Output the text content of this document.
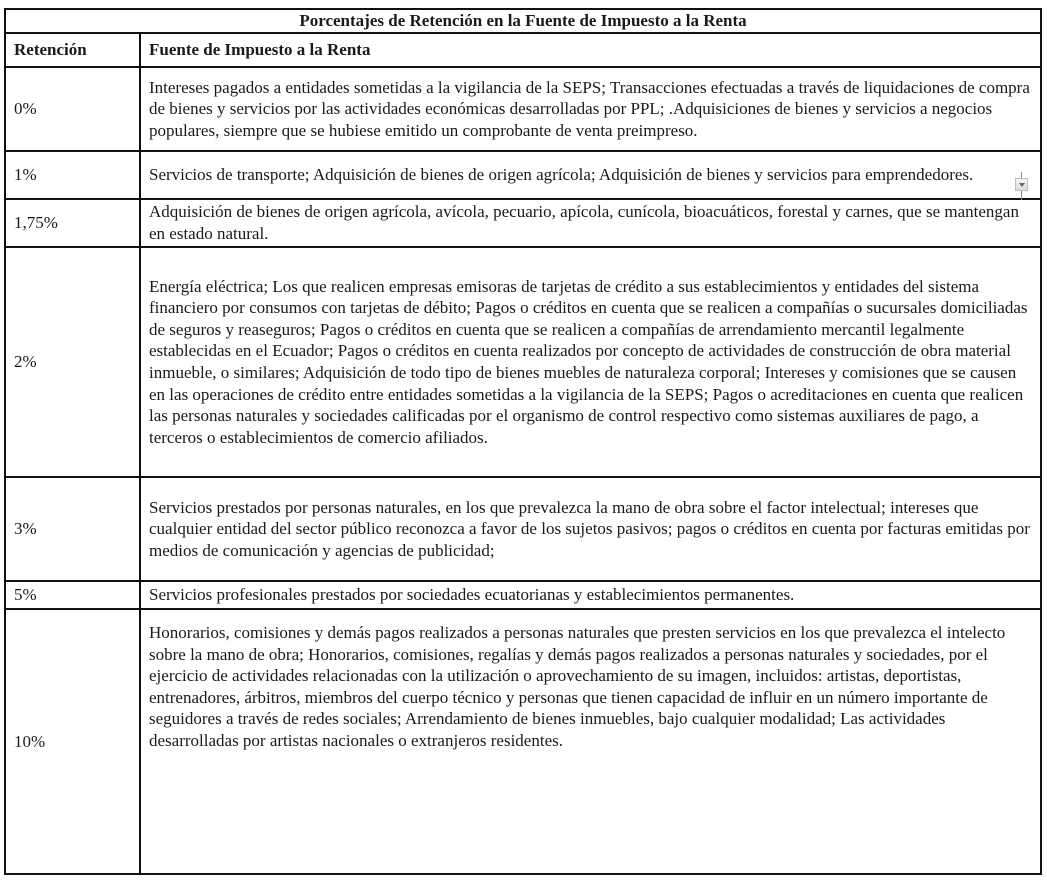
Porcentajes de Retención en la Fuente de Impuesto a la Renta	
Retención	Fuente de Impuesto a la Renta
0%	Intereses pagados a entidades sometidas a la vigilancia de la SEPS; Transacciones efectuadas a través de liquidaciones de compra de bienes y servicios por las actividades económicas desarrolladas por PPL; .Adquisiciones de bienes y servicios a negocios populares, siempre que se hubiese emitido un comprobante de venta preimpreso.
1%	Servicios de transporte; Adquisición de bienes de origen agrícola; Adquisición de bienes y servicios para emprendedores.
1,75%	Adquisición de bienes de origen agrícola, avícola, pecuario, apícola, cunícola, bioacuáticos, forestal y carnes, que se mantengan en estado natural.
2%	Energía eléctrica; Los que realicen empresas emisoras de tarjetas de crédito a sus establecimientos y entidades del sistema financiero por consumos con tarjetas de débito; Pagos o créditos en cuenta que se realicen a compañías o sucursales domiciliadas de seguros y reaseguros; Pagos o créditos en cuenta que se realicen a compañías de arrendamiento mercantil legalmente establecidas en el Ecuador; Pagos o créditos en cuenta realizados por concepto de actividades de construcción de obra material inmueble, o similares; Adquisición de todo tipo de bienes muebles de naturaleza corporal; Intereses y comisiones que se causen en las operaciones de crédito entre entidades sometidas a la vigilancia de la SEPS; Pagos o acreditaciones en cuenta que realicen las personas naturales y sociedades calificadas por el organismo de control respectivo como sistemas auxiliares de pago, a terceros o establecimientos de comercio afiliados.
3%	Servicios prestados por personas naturales, en los que prevalezca la mano de obra sobre el factor intelectual; intereses que cualquier entidad del sector público reconozca a favor de los sujetos pasivos; pagos o créditos en cuenta por facturas emitidas por medios de comunicación y agencias de publicidad;
5%	Servicios profesionales prestados por sociedades ecuatorianas y establecimientos permanentes.
10%	Honorarios, comisiones y demás pagos realizados a personas naturales que presten servicios en los que prevalezca el intelecto sobre la mano de obra; Honorarios, comisiones, regalías y demás pagos realizados a personas naturales y sociedades, por el ejercicio de actividades relacionadas con la utilización o aprovechamiento de su imagen, incluidos: artistas, deportistas, entrenadores, árbitros, miembros del cuerpo técnico y personas que tienen capacidad de influir en un número importante de seguidores a través de redes sociales; Arrendamiento de bienes inmuebles, bajo cualquier modalidad; Las actividades desarrolladas por artistas nacionales o extranjeros residentes.
